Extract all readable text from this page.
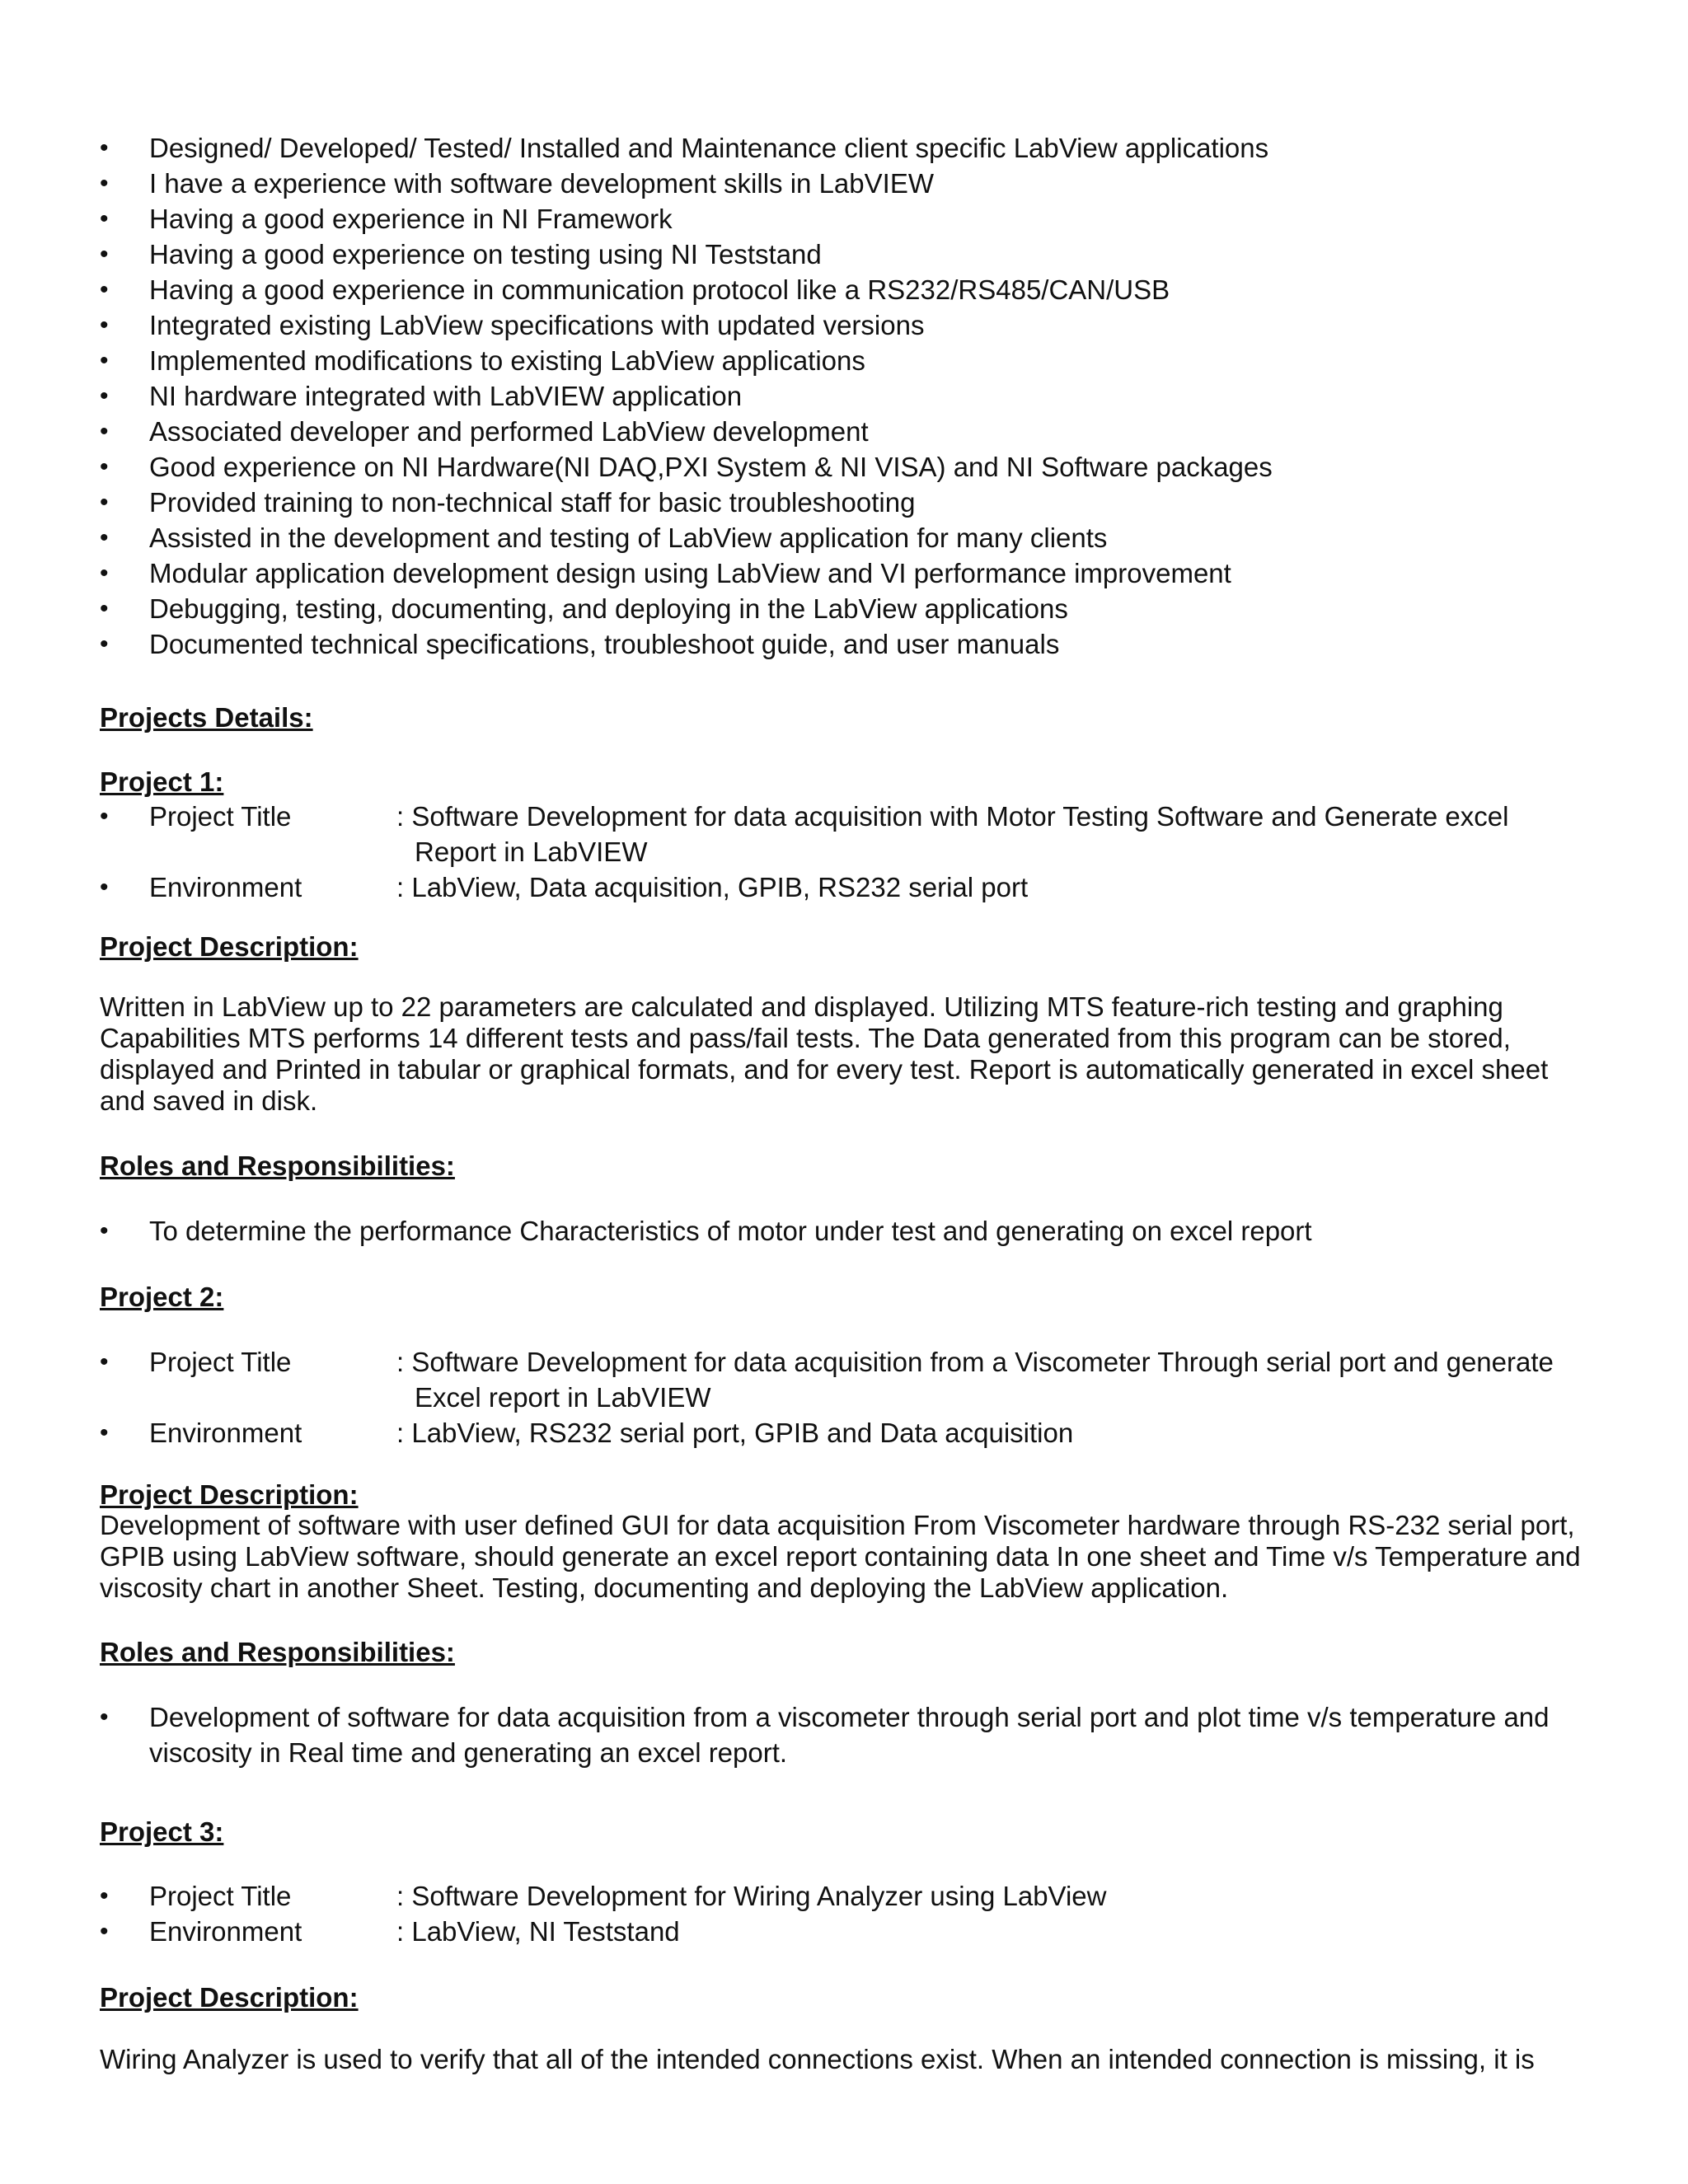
• Designed/ Developed/ Tested/ Installed and Maintenance client specific LabView applications
• I have a experience with software development skills in LabVIEW
• Having a good experience in NI Framework
• Having a good experience on testing using NI Teststand
• Having a good experience in communication protocol like a RS232/RS485/CAN/USB
• Integrated existing LabView specifications with updated versions
• Implemented modifications to existing LabView applications
• NI hardware integrated with LabVIEW application
• Associated developer and performed LabView development
• Good experience on NI Hardware(NI DAQ,PXI System & NI VISA) and NI Software packages
• Provided training to non-technical staff for basic troubleshooting
• Assisted in the development and testing of LabView application for many clients
• Modular application development design using LabView and VI performance improvement
• Debugging, testing, documenting, and deploying in the LabView applications
• Documented technical specifications, troubleshoot guide, and user manuals
Projects Details:
Project 1:
• Project Title	: Software Development for data acquisition with Motor Testing Software and Generate excel Report in LabVIEW
• Environment	: LabView, Data acquisition, GPIB, RS232 serial port
Project Description:

Written in LabView up to 22 parameters are calculated and displayed. Utilizing MTS feature-rich testing and graphing Capabilities MTS performs 14 different tests and pass/fail tests. The Data generated from this program can be stored, displayed and Printed in tabular or graphical formats, and for every test. Report is automatically generated in excel sheet and saved in disk.

Roles and Responsibilities:
• To determine the performance Characteristics of motor under test and generating on excel report
Project 2:
• Project Title	: Software Development for data acquisition from a Viscometer Through serial port and generate Excel report in LabVIEW
• Environment	: LabView, RS232 serial port, GPIB and Data acquisition
Project Description:

Development of software with user defined GUI for data acquisition From Viscometer hardware through RS-232 serial port, GPIB using LabView software, should generate an excel report containing data In one sheet and Time v/s Temperature and viscosity chart in another Sheet. Testing, documenting and deploying the LabView application.

Roles and Responsibilities:
• Development of software for data acquisition from a viscometer through serial port and plot time v/s temperature and viscosity in Real time and generating an excel report.
Project 3:
• Project Title	: Software Development for Wiring Analyzer using LabView
• Environment	: LabView, NI Teststand
Project Description:

Wiring Analyzer is used to verify that all of the intended connections exist. When an intended connection is missing, it is
